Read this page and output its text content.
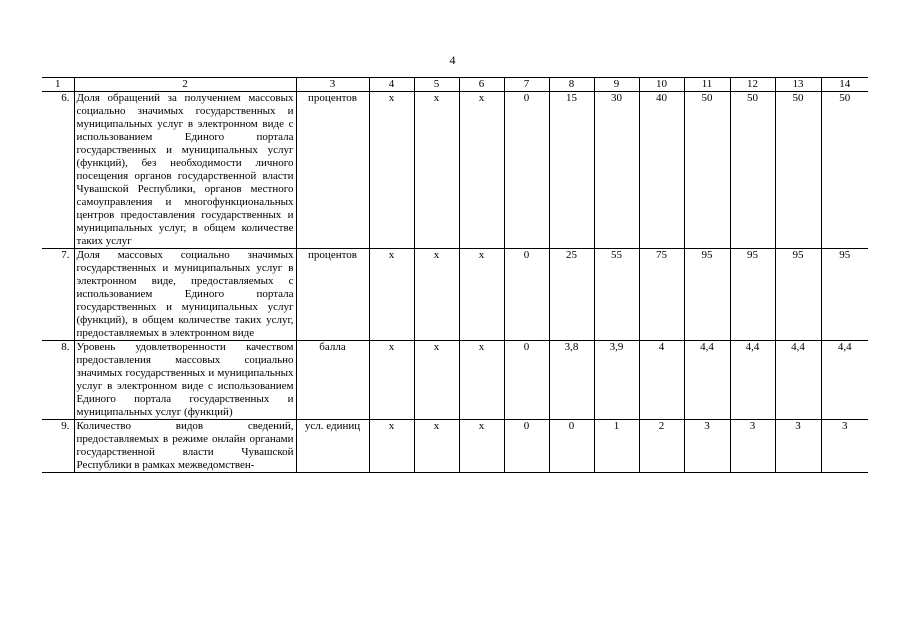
4
1	2	3	4	5	6	7	8	9	10	11	12	13	14
6.	Доля обращений за получением массовых социально значимых государственных и муниципальных услуг в электронном виде с использованием Единого портала государственных и муниципальных услуг (функций), без необходимости личного посещения органов государственной власти Чувашской Республики, органов местного самоуправления и многофункциональных центров предоставления государственных и муниципальных услуг, в общем количестве таких услуг	процентов	х	х	х	0	15	30	40	50	50	50	50
7.	Доля массовых социально значимых государственных и муниципальных услуг в электронном виде, предоставляемых с использованием Единого портала государственных и муниципальных услуг (функций), в общем количестве таких услуг, предоставляемых в электронном виде	процентов	х	х	х	0	25	55	75	95	95	95	95
8.	Уровень удовлетворенности качеством предоставления массовых социально значимых государственных и муниципальных услуг в электронном виде с использованием Единого портала государственных и муниципальных услуг (функций)	балла	х	х	х	0	3,8	3,9	4	4,4	4,4	4,4	4,4
9.	Количество видов сведений, предоставляемых в режиме онлайн органами государственной власти Чувашской Республики в рамках межведомствен-	усл. единиц	х	х	х	0	0	1	2	3	3	3	3
